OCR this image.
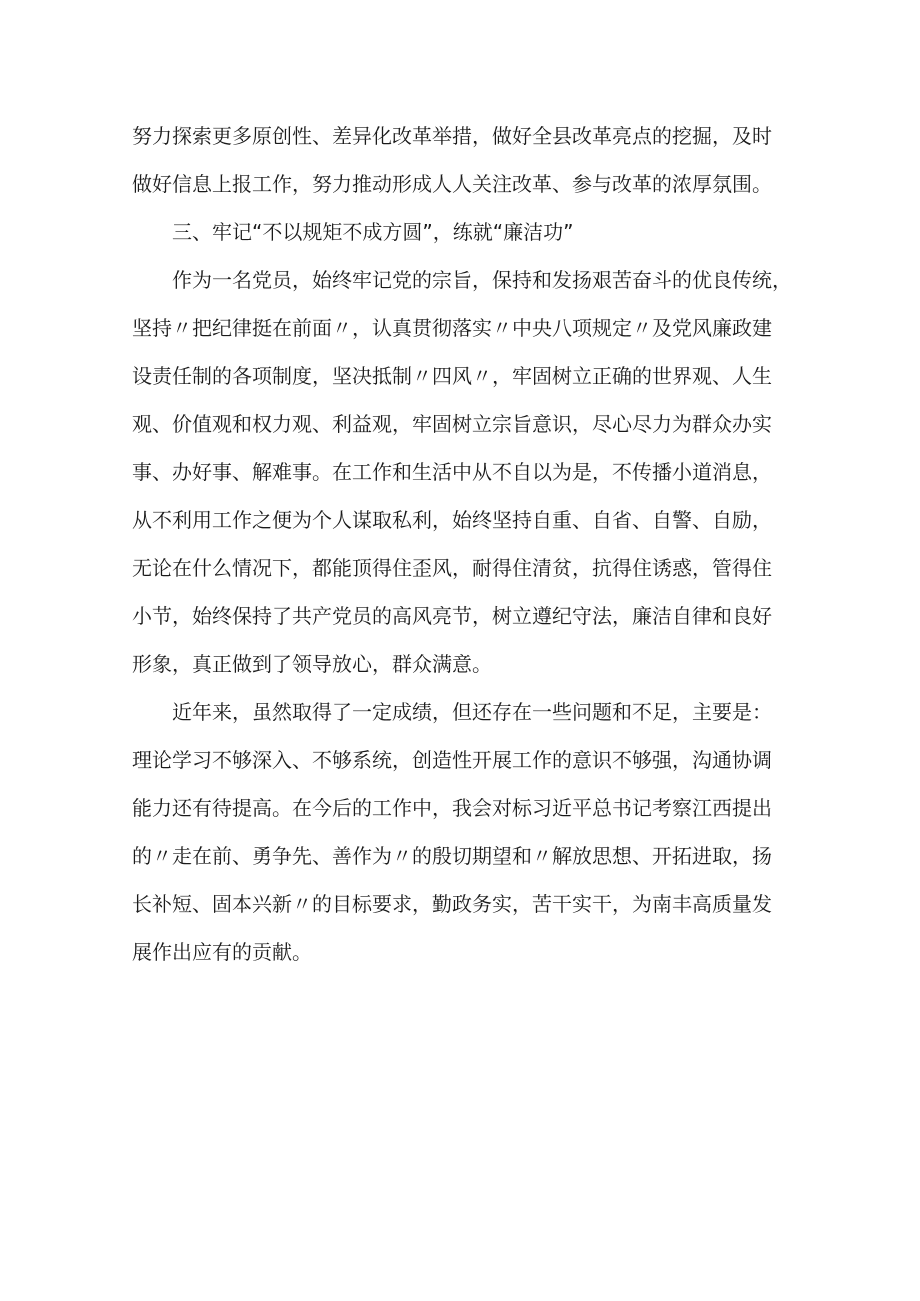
努力探索更多原创性、差异化改革举措，做好全县改革亮点的挖掘，及时
做好信息上报工作，努力推动形成人人关注改革、参与改革的浓厚氛围。
三、牢记“不以规矩不成方圆”，练就“廉洁功”
作为一名党员，始终牢记党的宗旨，保持和发扬艰苦奋斗的优良传统，
坚持〃把纪律挺在前面〃，认真贯彻落实〃中央八项规定〃及党风廉政建
设责任制的各项制度，坚决抵制〃四风〃，牢固树立正确的世界观、人生
观、价值观和权力观、利益观，牢固树立宗旨意识，尽心尽力为群众办实
事、办好事、解难事。在工作和生活中从不自以为是，不传播小道消息，
从不利用工作之便为个人谋取私利，始终坚持自重、自省、自警、自励，
无论在什么情况下，都能顶得住歪风，耐得住清贫，抗得住诱惑，管得住
小节，始终保持了共产党员的高风亮节，树立遵纪守法，廉洁自律和良好
形象，真正做到了领导放心，群众满意。
近年来，虽然取得了一定成绩，但还存在一些问题和不足，主要是：
理论学习不够深入、不够系统，创造性开展工作的意识不够强，沟通协调
能力还有待提高。在今后的工作中，我会对标习近平总书记考察江西提出
的〃走在前、勇争先、善作为〃的殷切期望和〃解放思想、开拓进取，扬
长补短、固本兴新〃的目标要求，勤政务实，苦干实干，为南丰高质量发
展作出应有的贡献。
